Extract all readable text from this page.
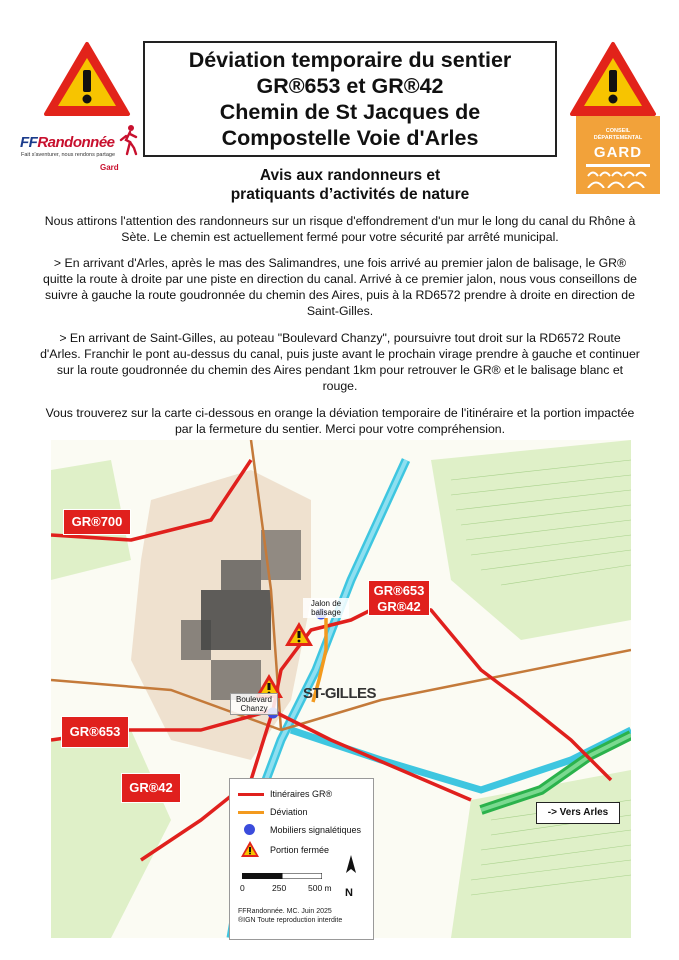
Déviation temporaire du sentier
GR®653 et GR®42
Chemin de St Jacques de
Compostelle Voie d'Arles
FFRandonnée
Fait s'aventurer, nous rendons partage
Gard
CONSEIL
DÉPARTEMENTAL
GARD
Avis aux randonneurs et
pratiquants d’activités de nature
Nous attirons l'attention des randonneurs sur un risque d'effondrement d'un mur le long du canal du Rhône à Sète. Le chemin est actuellement fermé pour votre sécurité par arrêté municipal.
> En arrivant d'Arles, après le mas des Salimandres, une fois arrivé au premier jalon de balisage, le GR® quitte la route à droite par une piste en direction du canal. Arrivé à ce premier jalon, nous vous conseillons de suivre à gauche la route goudronnée du chemin des Aires, puis à la RD6572 prendre à droite en direction de Saint-Gilles.
> En arrivant de Saint-Gilles, au poteau "Boulevard Chanzy", poursuivre tout droit sur la RD6572 Route d'Arles. Franchir le pont au-dessus du canal, puis juste avant le prochain virage prendre à gauche et continuer sur la route goudronnée du chemin des Aires pendant 1km pour retrouver le GR® et le balisage blanc et rouge.
Vous trouverez sur la carte ci-dessous en orange la déviation temporaire de l'itinéraire et la portion impactée par la fermeture du sentier. Merci pour votre compréhension.
GR®700
GR®653
GR®42
GR®653
GR®42
Jalon de balisage
Boulevard Chanzy
ST-GILLES
-> Vers Arles
Itinéraires GR®
Déviation
Mobiliers signalétiques
Portion fermée
0	250	500 m N
FFRandonnée. MC. Juin 2025
®IGN Toute reproduction interdite
